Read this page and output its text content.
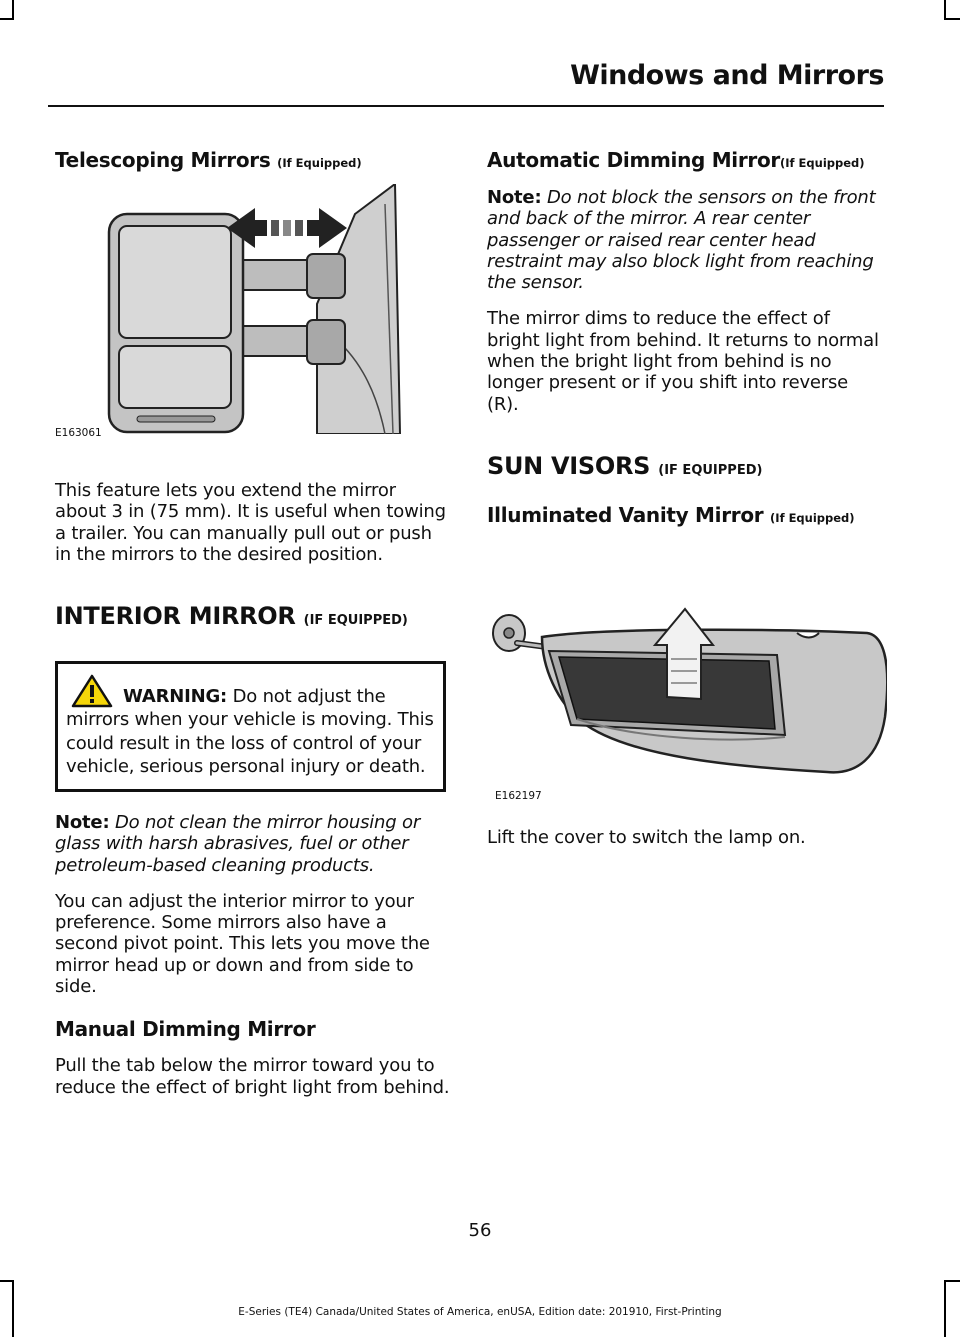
Windows and Mirrors
Telescoping Mirrors (If Equipped)
E163061

This feature lets you extend the mirror about 3 in (75 mm). It is useful when towing a trailer. You can manually pull out or push in the mirrors to the desired position.

INTERIOR MIRROR (IF EQUIPPED)

WARNING: Do not adjust the mirrors when your vehicle is moving. This could result in the loss of control of your vehicle, serious personal injury or death.

Note: Do not clean the mirror housing or glass with harsh abrasives, fuel or other petroleum-based cleaning products.

You can adjust the interior mirror to your preference. Some mirrors also have a second pivot point. This lets you move the mirror head up or down and from side to side.

Manual Dimming Mirror

Pull the tab below the mirror toward you to reduce the effect of bright light from behind.

Automatic Dimming Mirror(If Equipped)

Note: Do not block the sensors on the front and back of the mirror. A rear center passenger or raised rear center head restraint may also block light from reaching the sensor.

The mirror dims to reduce the effect of bright light from behind. It returns to normal when the bright light from behind is no longer present or if you shift into reverse (R).

SUN VISORS (IF EQUIPPED)
Illuminated Vanity Mirror (If Equipped)
E162197

Lift the cover to switch the lamp on.

56
E-Series (TE4) Canada/United States of America, enUSA, Edition date: 201910, First-Printing
